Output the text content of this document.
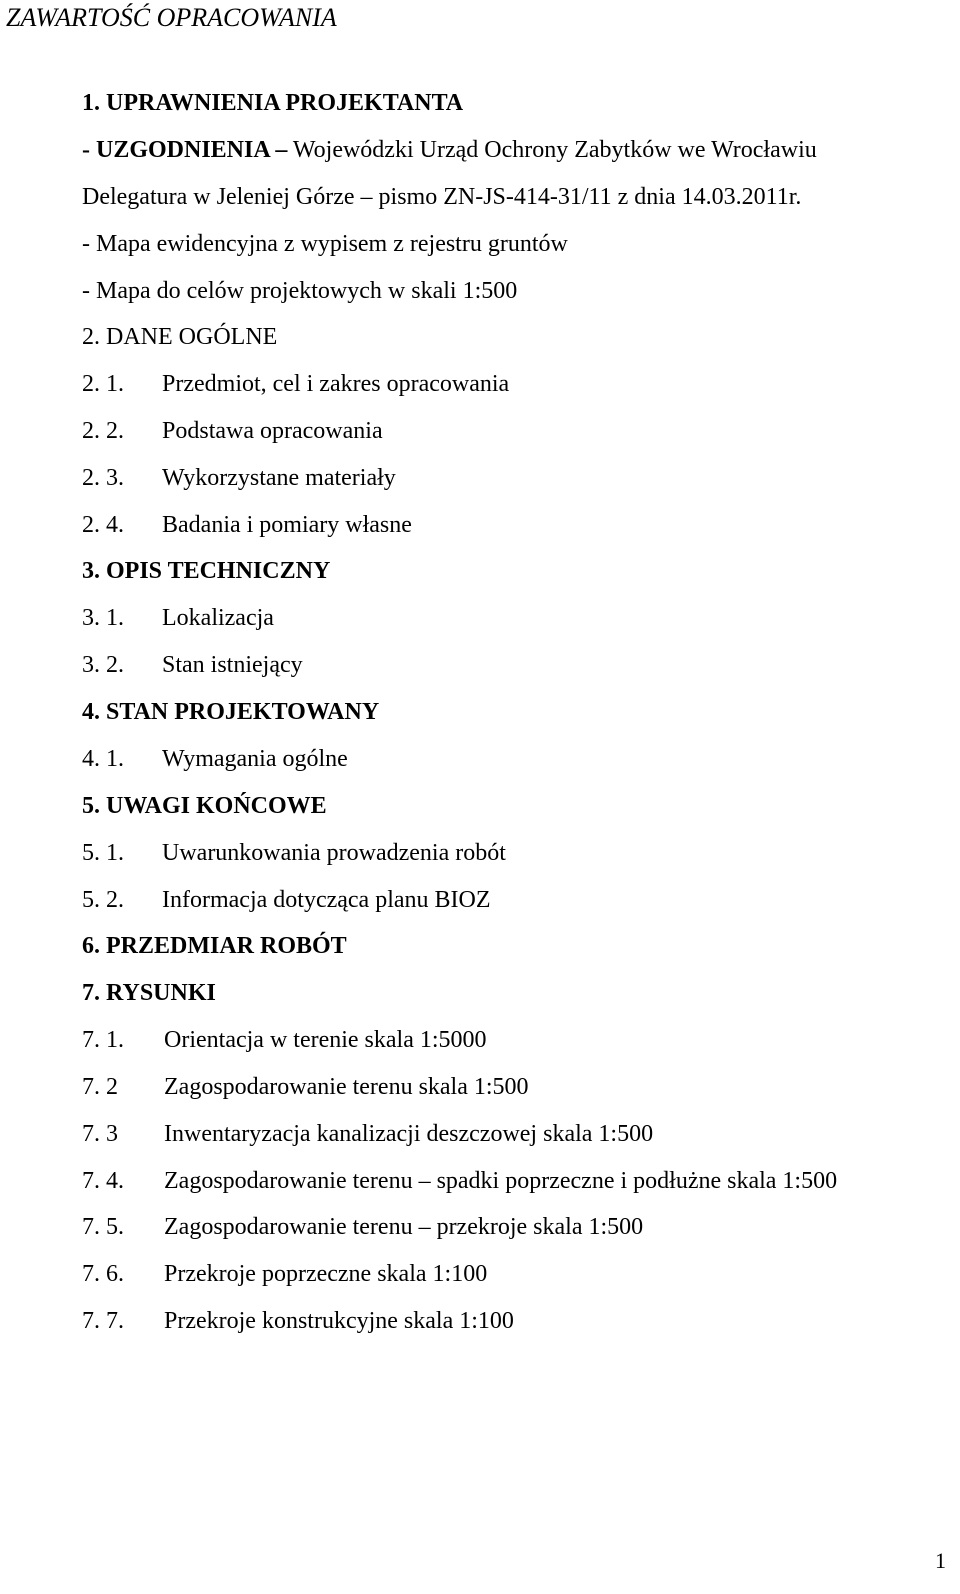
ZAWARTOŚĆ OPRACOWANIA
1. UPRAWNIENIA PROJEKTANTA
- UZGODNIENIA – Wojewódzki Urząd Ochrony Zabytków we Wrocławiu
Delegatura w Jeleniej Górze – pismo ZN-JS-414-31/11 z dnia 14.03.2011r.
- Mapa ewidencyjna z wypisem z rejestru gruntów
- Mapa do celów projektowych w skali 1:500
2. DANE OGÓLNE
2. 1. Przedmiot, cel i zakres opracowania
2. 2. Podstawa opracowania
2. 3. Wykorzystane materiały
2. 4. Badania i pomiary własne
3. OPIS TECHNICZNY
3. 1. Lokalizacja
3. 2. Stan istniejący
4. STAN PROJEKTOWANY
4. 1. Wymagania ogólne
5. UWAGI KOŃCOWE
5. 1. Uwarunkowania prowadzenia robót
5. 2. Informacja dotycząca planu BIOZ
6. PRZEDMIAR ROBÓT
7. RYSUNKI
7. 1. Orientacja w terenie skala 1:5000
7. 2 Zagospodarowanie terenu skala 1:500
7. 3 Inwentaryzacja kanalizacji deszczowej skala 1:500
7. 4. Zagospodarowanie terenu – spadki poprzeczne i podłużne skala 1:500
7. 5. Zagospodarowanie terenu – przekroje skala 1:500
7. 6. Przekroje poprzeczne skala 1:100
7. 7. Przekroje konstrukcyjne skala 1:100
1
